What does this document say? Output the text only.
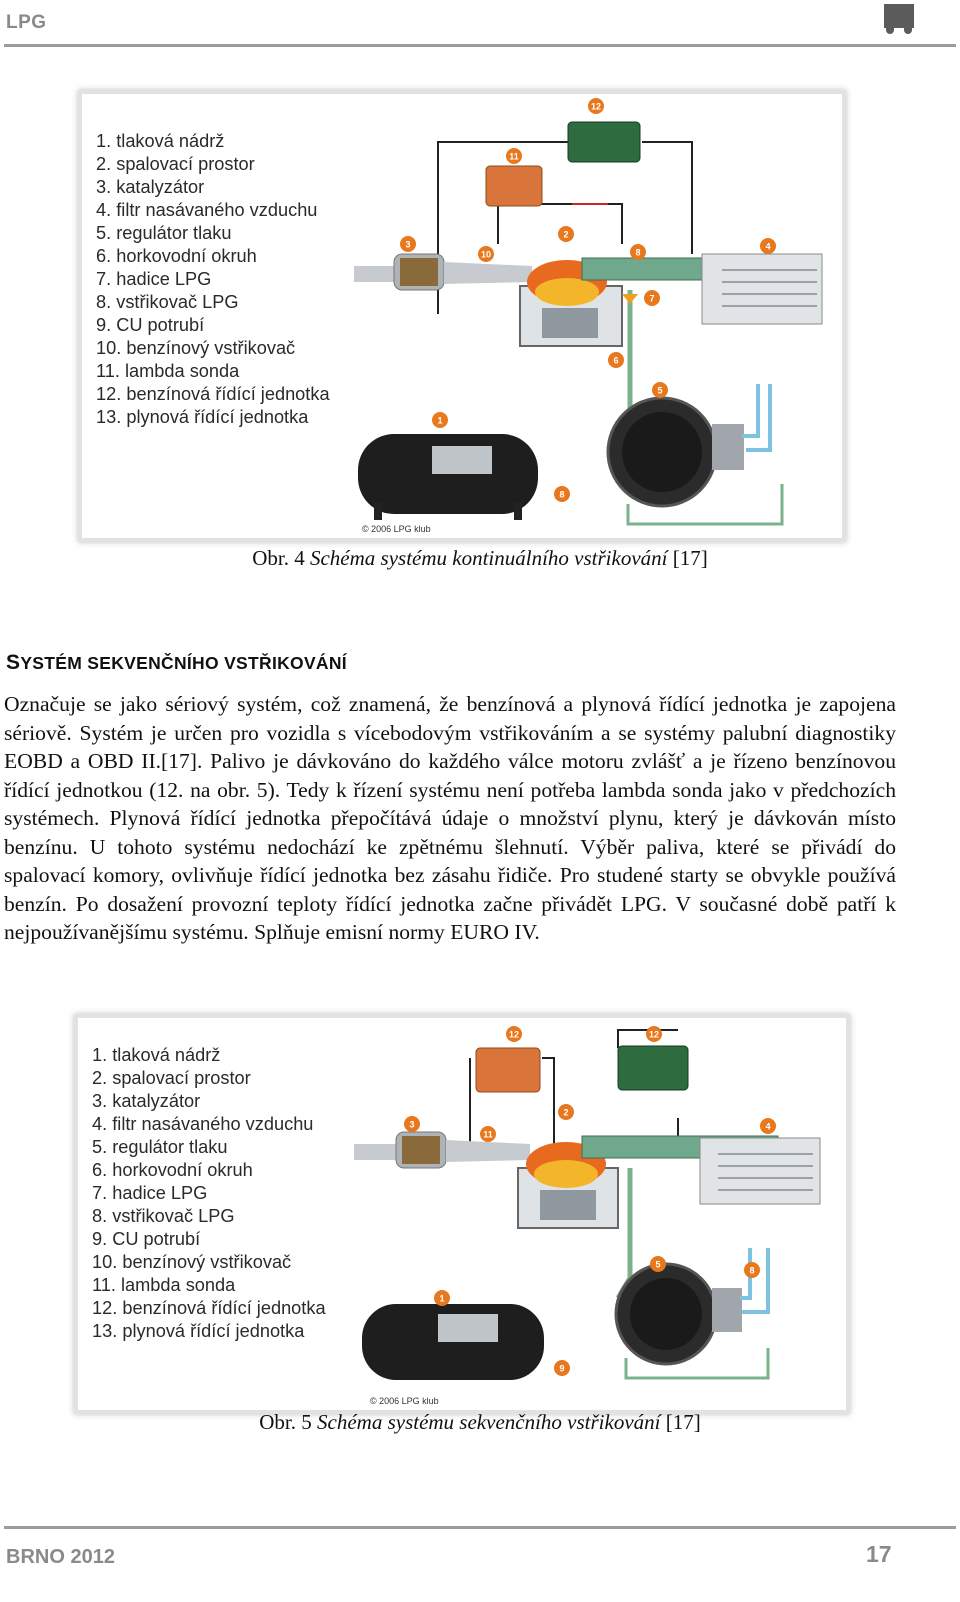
LPG
1. tlaková nádrž
2. spalovací prostor
3. katalyzátor
4. filtr nasávaného vzduchu
5. regulátor tlaku
6. horkovodní okruh
7. hadice LPG
8. vstřikovač LPG
9. CU potrubí
10. benzínový vstřikovač
11. lambda sonda
12. benzínová řídící jednotka
13. plynová řídící jednotka	1
2
3	4
5
6
7
8
8
10
11
12
© 2006 LPG klub
Obr. 4 Schéma systému kontinuálního vstřikování [17]
SYSTÉM SEKVENČNÍHO VSTŘIKOVÁNÍ

Označuje se jako sériový systém, což znamená, že benzínová a plynová řídící jednotka je zapojena sériově. Systém je určen pro vozidla s vícebodovým vstřikováním a se systémy palubní diagnostiky EOBD a OBD II.[17]. Palivo je dávkováno do každého válce motoru zvlášť a je řízeno benzínovou řídící jednotkou (12. na obr. 5). Tedy k řízení systému není potřeba lambda sonda jako v předchozích systémech. Plynová řídící jednotka přepočítává údaje o množství plynu, který je dávkován místo benzínu. U tohoto systému nedochází ke zpětnému šlehnutí. Výběr paliva, které se přivádí do spalovací komory, ovlivňuje řídící jednotka bez zásahu řidiče. Pro studené starty se obvykle používá benzín. Po dosažení provozní teploty řídící jednotka začne přivádět LPG. V současné době patří k nejpoužívanějšímu systému. Splňuje emisní normy EURO IV.

1. tlaková nádrž
2. spalovací prostor
3. katalyzátor
4. filtr nasávaného vzduchu
5. regulátor tlaku
6. horkovodní okruh
7. hadice LPG
8. vstřikovač LPG
9. CU potrubí
10. benzínový vstřikovač
11. lambda sonda
12. benzínová řídící jednotka
13. plynová řídící jednotka
1
2
3	4
5
8
9
11
12	12
© 2006 LPG klub
Obr. 5 Schéma systému sekvenčního vstřikování [17]
BRNO 2012	17
